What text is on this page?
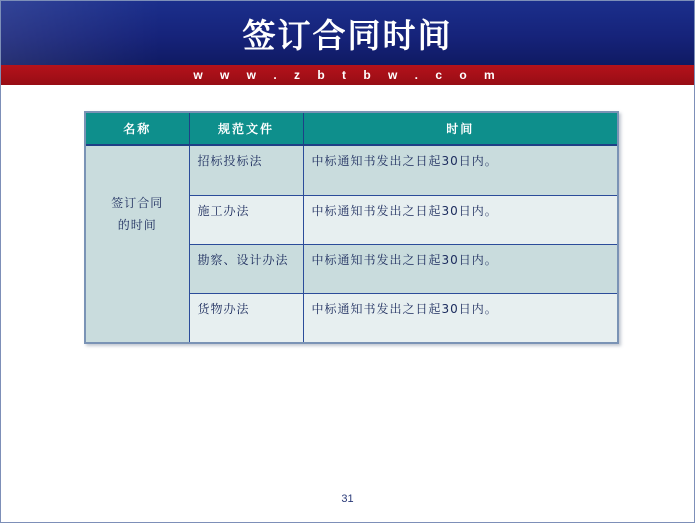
签订合同时间
w w w . z b t b w . c o m
名称	规范文件	时间

签订合同
的时间	招标投标法	中标通知书发出之日起30日内。
	施工办法	中标通知书发出之日起30日内。
	勘察、设计办法	中标通知书发出之日起30日内。
	货物办法	中标通知书发出之日起30日内。
31
